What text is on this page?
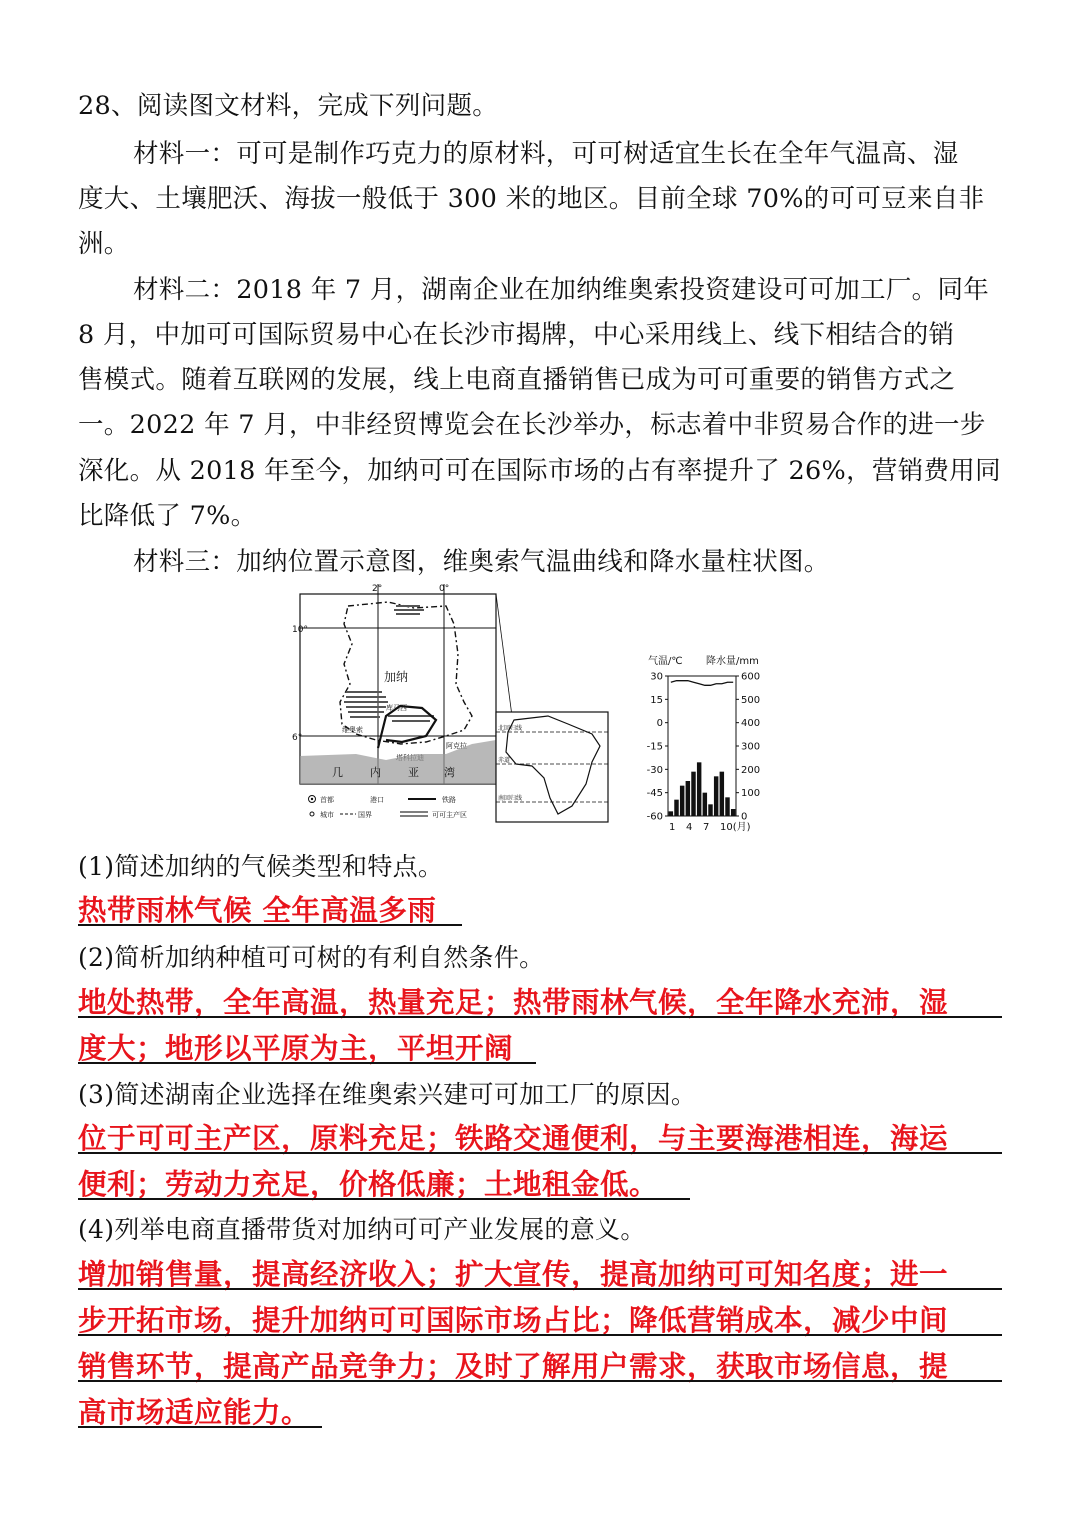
28、阅读图文材料，完成下列问题。
材料一：可可是制作巧克力的原材料，可可树适宜生长在全年气温高、湿
度大、土壤肥沃、海拔一般低于 300 米的地区。目前全球 70%的可可豆来自非
洲。
材料二：2018 年 7 月，湖南企业在加纳维奥索投资建设可可加工厂。同年
8 月，中加可可国际贸易中心在长沙市揭牌，中心采用线上、线下相结合的销
售模式。随着互联网的发展，线上电商直播销售已成为可可重要的销售方式之
一。2022 年 7 月，中非经贸博览会在长沙举办，标志着中非贸易合作的进一步
深化。从 2018 年至今，加纳可可在国际市场的占有率提升了 26%，营销费用同
比降低了 7%。
材料三：加纳位置示意图，维奥索气温曲线和降水量柱状图。
2°	0°
10°
6°
加纳
库马西
维奥索
阿克拉
几 内 亚 湾
北回归线
赤道
南回归线
首都	港口	铁路
城市	国界	可可主产区
气温/℃ 降水量/mm
30
15
0
-15
-30
-45
-60
600
500
400
300
200
100
0
1 4 7 10(月)
(1)简述加纳的气候类型和特点。
热带雨林气候 全年高温多雨
(2)简析加纳种植可可树的有利自然条件。
地处热带，全年高温，热量充足；热带雨林气候，全年降水充沛，湿
度大；地形以平原为主，平坦开阔
(3)简述湖南企业选择在维奥索兴建可可加工厂的原因。
位于可可主产区，原料充足；铁路交通便利，与主要海港相连，海运
便利；劳动力充足，价格低廉；土地租金低。
(4)列举电商直播带货对加纳可可产业发展的意义。
增加销售量，提高经济收入；扩大宣传，提高加纳可可知名度；进一
步开拓市场，提升加纳可可国际市场占比；降低营销成本，减少中间
销售环节，提高产品竞争力；及时了解用户需求，获取市场信息，提
高市场适应能力。
